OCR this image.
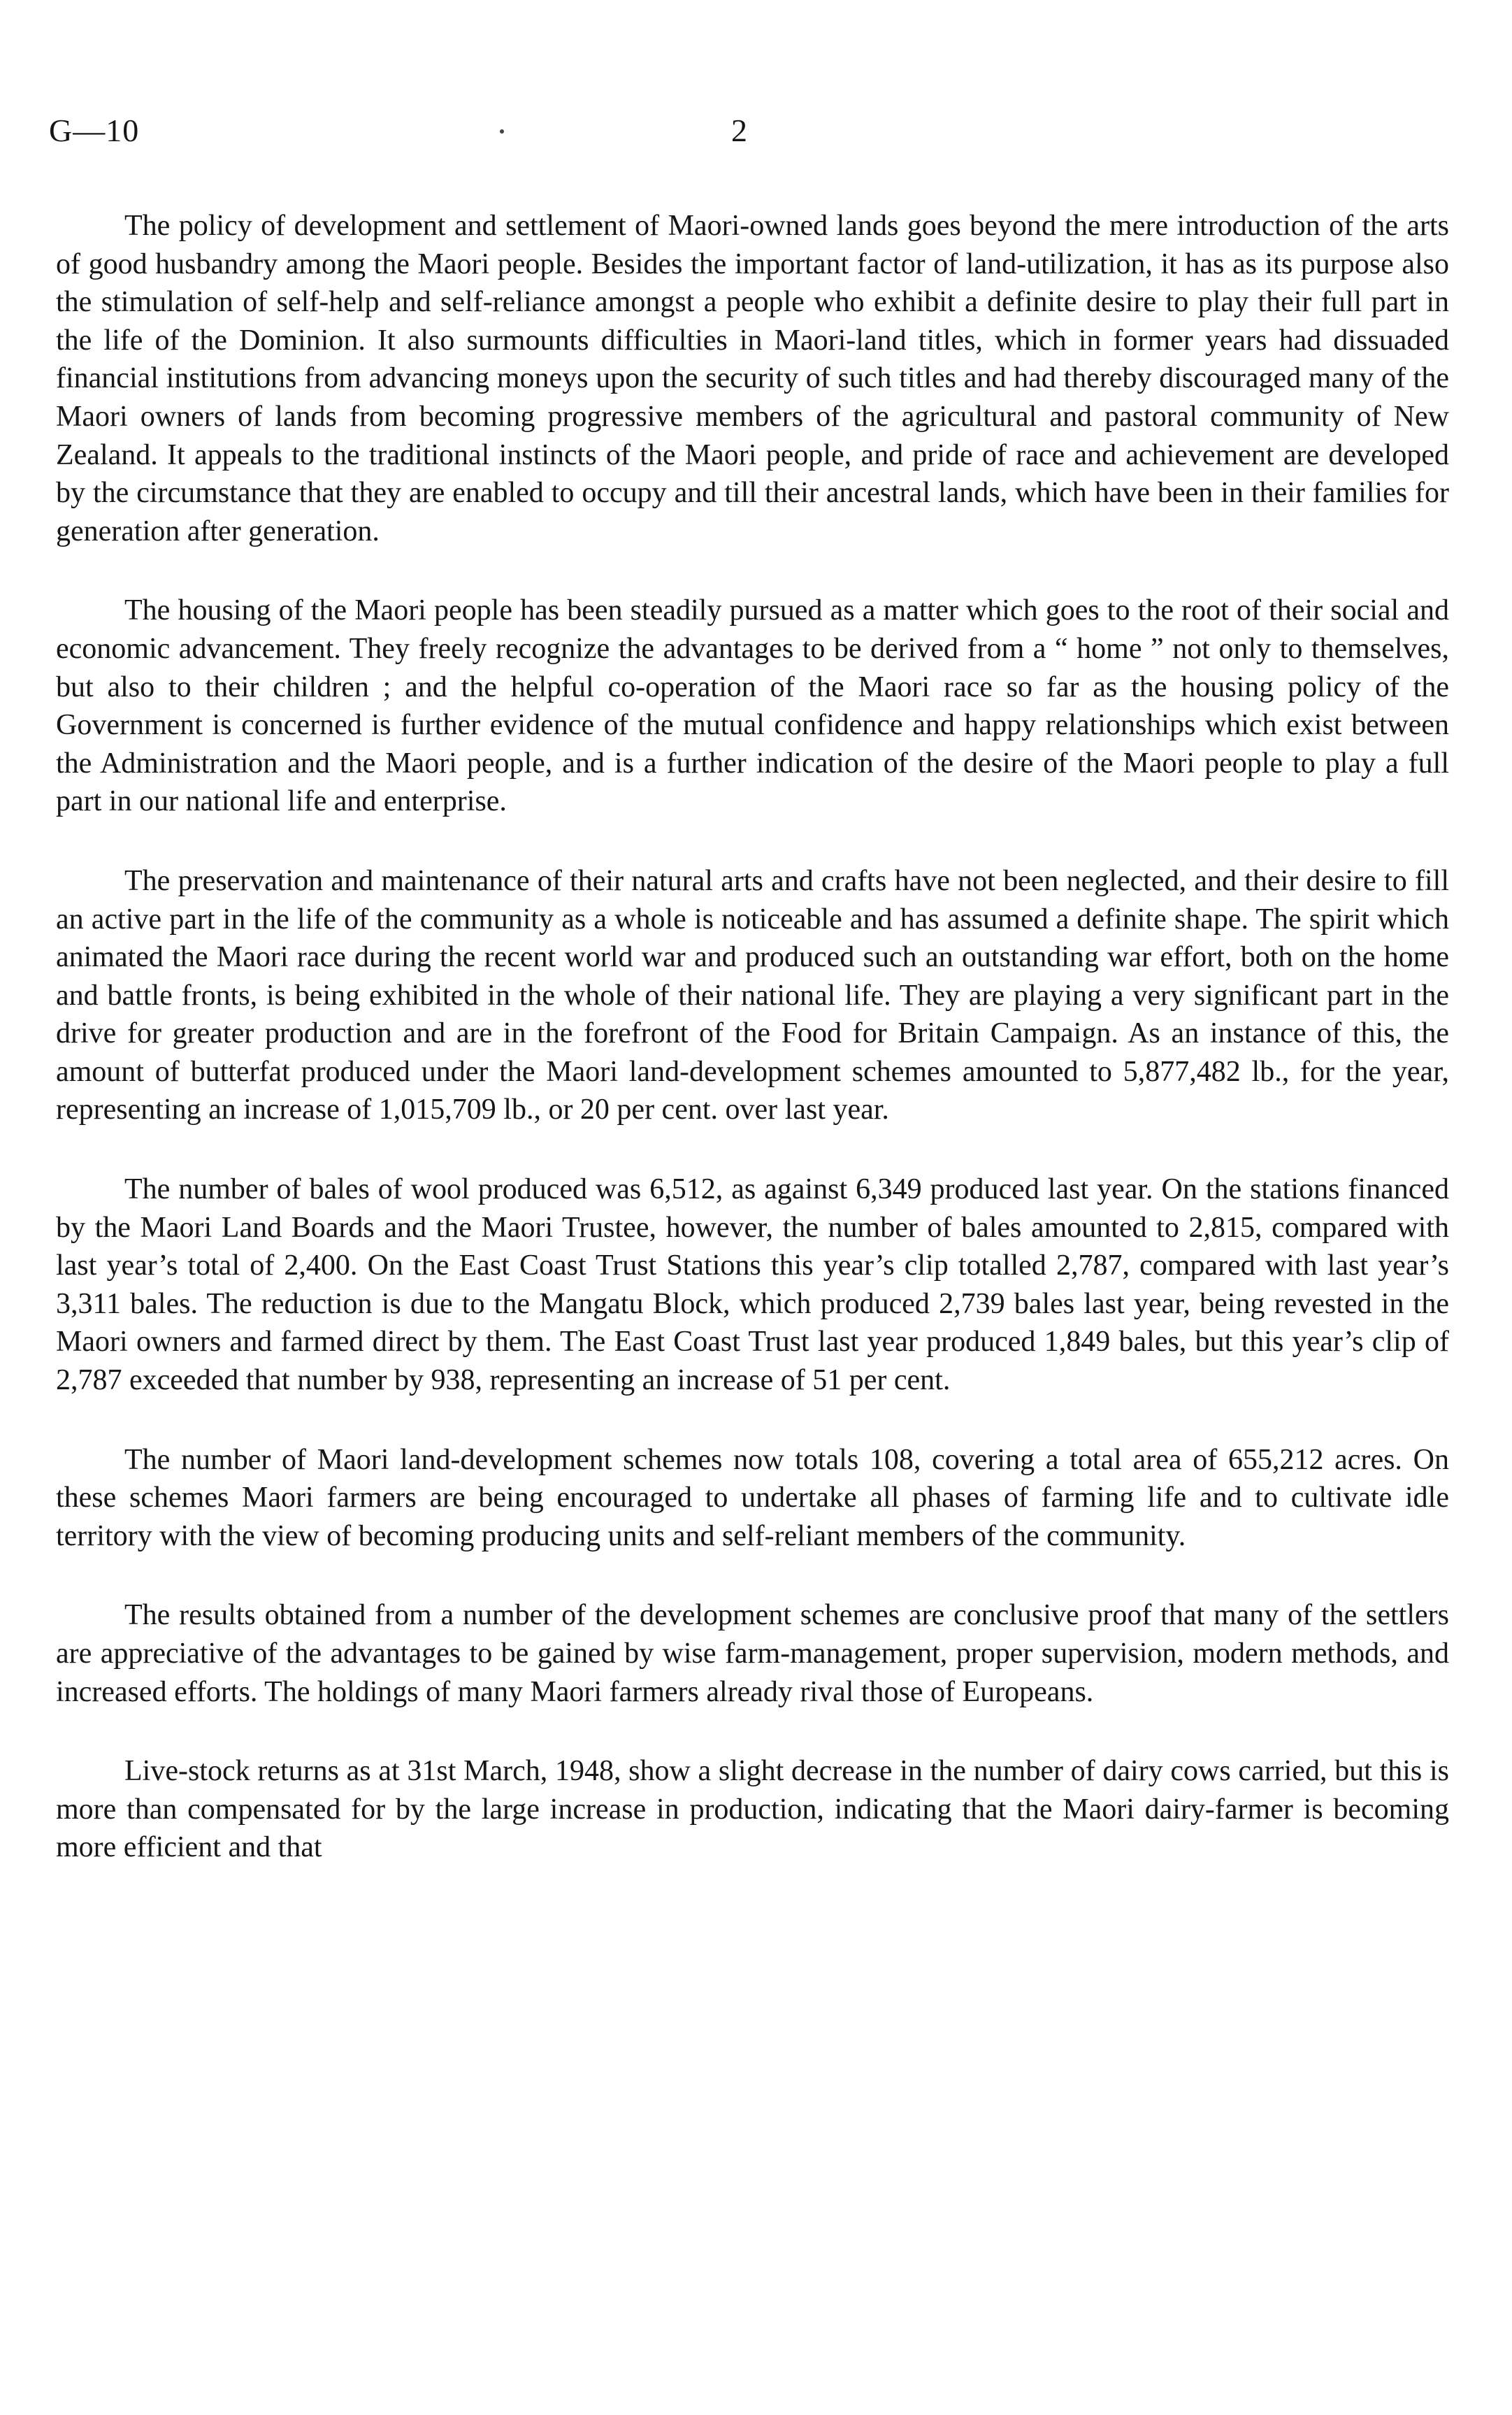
G—10	2

The policy of development and settlement of Maori-owned lands goes beyond the mere introduction of the arts of good husbandry among the Maori people. Besides the important factor of land-utilization, it has as its purpose also the stimulation of self-help and self-reliance amongst a people who exhibit a definite desire to play their full part in the life of the Dominion. It also surmounts difficulties in Maori-land titles, which in former years had dissuaded financial institutions from advancing moneys upon the security of such titles and had thereby discouraged many of the Maori owners of lands from becoming progressive members of the agricultural and pastoral community of New Zealand. It appeals to the traditional instincts of the Maori people, and pride of race and achievement are developed by the circumstance that they are enabled to occupy and till their ancestral lands, which have been in their families for generation after generation.

The housing of the Maori people has been steadily pursued as a matter which goes to the root of their social and economic advancement. They freely recognize the advantages to be derived from a “ home ” not only to themselves, but also to their children ; and the helpful co-operation of the Maori race so far as the housing policy of the Government is concerned is further evidence of the mutual confidence and happy relationships which exist between the Administration and the Maori people, and is a further indication of the desire of the Maori people to play a full part in our national life and enterprise.

The preservation and maintenance of their natural arts and crafts have not been neglected, and their desire to fill an active part in the life of the community as a whole is noticeable and has assumed a definite shape. The spirit which animated the Maori race during the recent world war and produced such an outstanding war effort, both on the home and battle fronts, is being exhibited in the whole of their national life. They are playing a very significant part in the drive for greater production and are in the forefront of the Food for Britain Campaign. As an instance of this, the amount of butterfat produced under the Maori land-development schemes amounted to 5,877,482 lb., for the year, representing an increase of 1,015,709 lb., or 20 per cent. over last year.

The number of bales of wool produced was 6,512, as against 6,349 produced last year. On the stations financed by the Maori Land Boards and the Maori Trustee, however, the number of bales amounted to 2,815, compared with last year’s total of 2,400. On the East Coast Trust Stations this year’s clip totalled 2,787, compared with last year’s 3,311 bales. The reduction is due to the Mangatu Block, which produced 2,739 bales last year, being revested in the Maori owners and farmed direct by them. The East Coast Trust last year produced 1,849 bales, but this year’s clip of 2,787 exceeded that number by 938, representing an increase of 51 per cent.

The number of Maori land-development schemes now totals 108, covering a total area of 655,212 acres. On these schemes Maori farmers are being encouraged to undertake all phases of farming life and to cultivate idle territory with the view of becoming producing units and self-reliant members of the community.

The results obtained from a number of the development schemes are conclusive proof that many of the settlers are appreciative of the advantages to be gained by wise farm-management, proper supervision, modern methods, and increased efforts. The holdings of many Maori farmers already rival those of Europeans.

Live-stock returns as at 31st March, 1948, show a slight decrease in the number of dairy cows carried, but this is more than compensated for by the large increase in production, indicating that the Maori dairy-farmer is becoming more efficient and that
